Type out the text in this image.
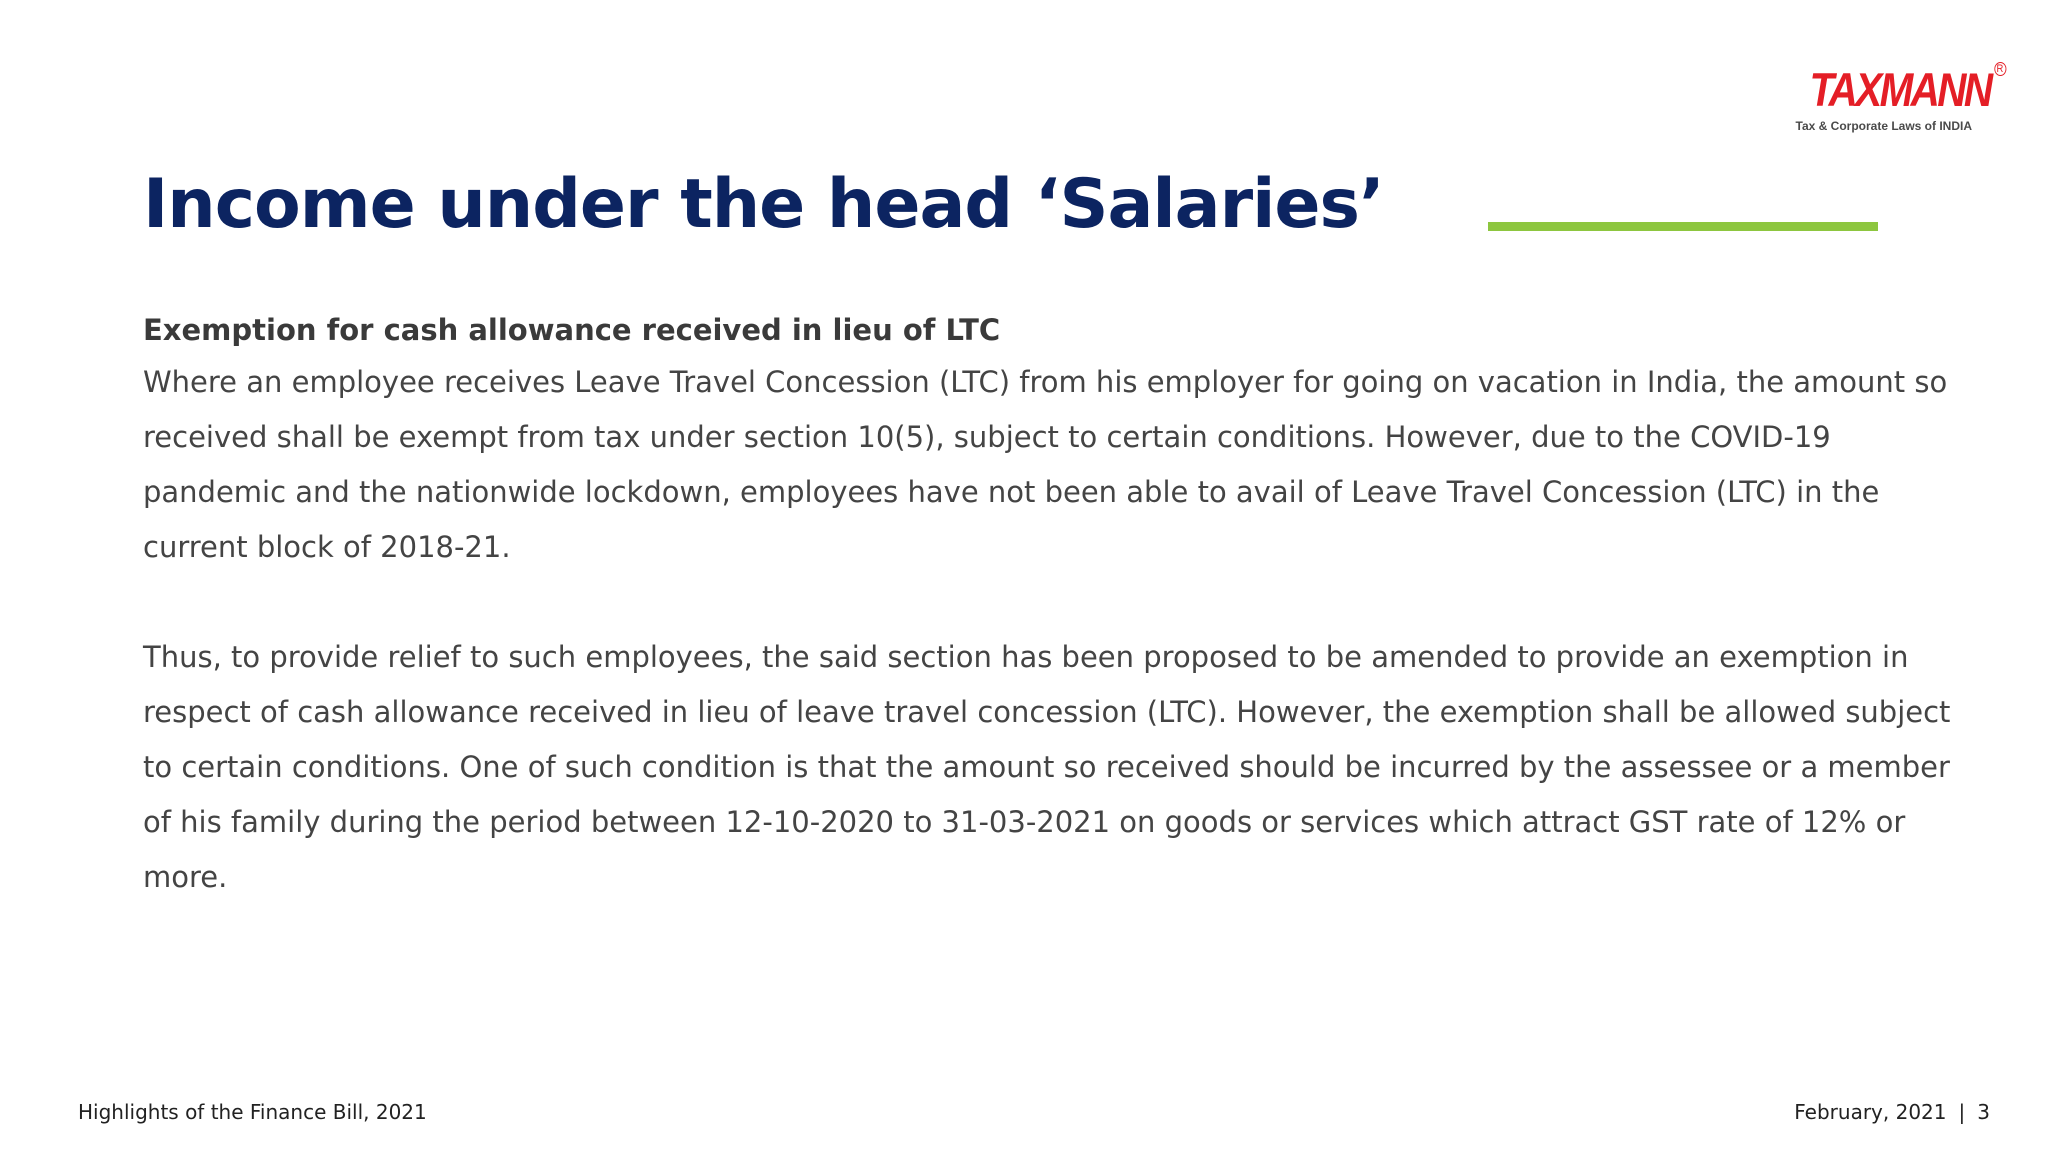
TAXMANN R
Tax & Corporate Laws of INDIA
Income under the head ‘Salaries’

Exemption for cash allowance received in lieu of LTC

Where an employee receives Leave Travel Concession (LTC) from his employer for going on vacation in India, the amount so received shall be exempt from tax under section 10(5), subject to certain conditions. However, due to the COVID-19 pandemic and the nationwide lockdown, employees have not been able to avail of Leave Travel Concession (LTC) in the current block of 2018-21.

Thus, to provide relief to such employees, the said section has been proposed to be amended to provide an exemption in respect of cash allowance received in lieu of leave travel concession (LTC). However, the exemption shall be allowed subject to certain conditions. One of such condition is that the amount so received should be incurred by the assessee or a member of his family during the period between 12-10-2020 to 31-03-2021 on goods or services which attract GST rate of 12% or more.

Highlights of the Finance Bill, 2021	February, 2021 | 3
